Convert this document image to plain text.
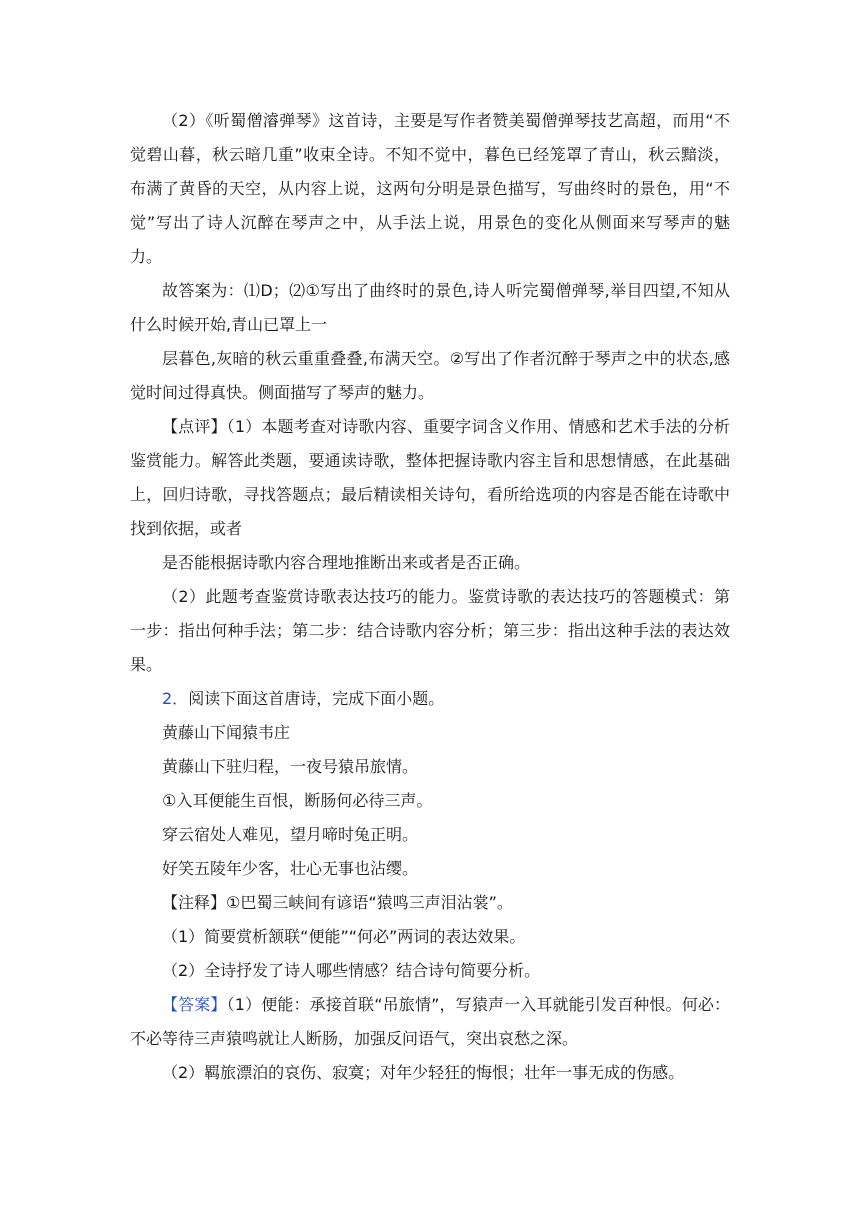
（2）《听蜀僧濬弹琴》这首诗，主要是写作者赞美蜀僧弹琴技艺高超，而用“不觉碧山暮，秋云暗几重”收束全诗。不知不觉中，暮色已经笼罩了青山，秋云黯淡，布满了黄昏的天空，从内容上说，这两句分明是景色描写，写曲终时的景色，用“不觉”写出了诗人沉醉在琴声之中，从手法上说，用景色的变化从侧面来写琴声的魅力。

故答案为：⑴D；⑵①写出了曲终时的景色,诗人听完蜀僧弹琴,举目四望,不知从什么时候开始,青山已罩上一

层暮色,灰暗的秋云重重叠叠,布满天空。②写出了作者沉醉于琴声之中的状态,感觉时间过得真快。侧面描写了琴声的魅力。

【点评】（1）本题考查对诗歌内容、重要字词含义作用、情感和艺术手法的分析鉴赏能力。解答此类题，要通读诗歌，整体把握诗歌内容主旨和思想情感，在此基础上，回归诗歌，寻找答题点；最后精读相关诗句，看所给选项的内容是否能在诗歌中找到依据，或者

是否能根据诗歌内容合理地推断出来或者是否正确。

（2）此题考查鉴赏诗歌表达技巧的能力。鉴赏诗歌的表达技巧的答题模式：第一步：指出何种手法；第二步：结合诗歌内容分析；第三步：指出这种手法的表达效果。

2．阅读下面这首唐诗，完成下面小题。

黄藤山下闻猿韦庄

黄藤山下驻归程，一夜号猿吊旅情。

①入耳便能生百恨，断肠何必待三声。

穿云宿处人难见，望月啼时兔正明。

好笑五陵年少客，壮心无事也沾缨。

【注释】①巴蜀三峡间有谚语“猿鸣三声泪沾裳”。

（1）简要赏析颔联“便能”“何必”两词的表达效果。

（2）全诗抒发了诗人哪些情感？结合诗句简要分析。

【答案】（1）便能：承接首联“吊旅情”，写猿声一入耳就能引发百种恨。何必：不必等待三声猿鸣就让人断肠，加强反问语气，突出哀愁之深。

（2）羁旅漂泊的哀伤、寂寞；对年少轻狂的悔恨；壮年一事无成的伤感。
